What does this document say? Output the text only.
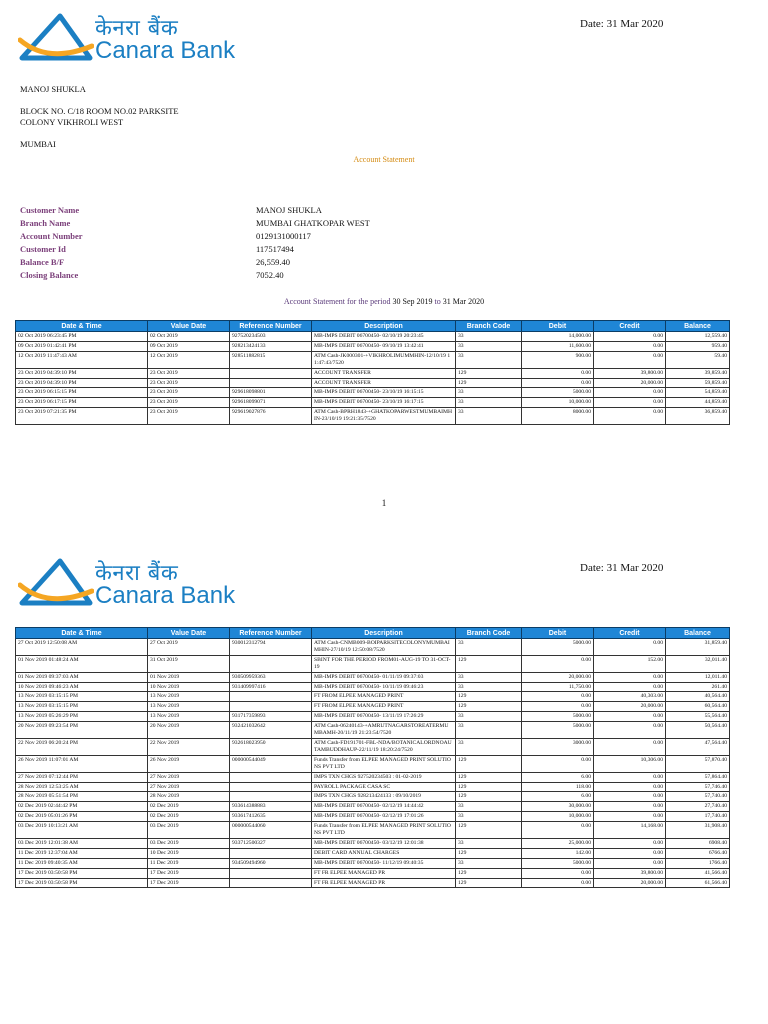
केनरा बैंक
Canara Bank
Date: 31 Mar 2020
MANOJ SHUKLA
BLOCK NO. C/18 ROOM NO.02 PARKSITE
COLONY VIKHROLI WEST
MUMBAI
Account Statement
Customer Name	MANOJ SHUKLA
Branch Name	MUMBAI GHATKOPAR WEST
Account Number	0129131000117
Customer Id	117517494
Balance B/F	26,559.40
Closing Balance	7052.40
Account Statement for the period 30 Sep 2019 to 31 Mar 2020
Date & Time	Value Date	Reference Number	Description	Branch Code	Debit	Credit	Balance
02 Oct 2019 06:23:45 PM	02 Oct 2019	927520234503	MB-IMPS DEBIT 06700450- 02/10/19 20:23:45	33	14,000.00	0.00	12,559.40
09 Oct 2019 01:42:41 PM	09 Oct 2019	928213424133	MB-IMPS DEBIT 06700450- 09/10/19 13:42:41	33	11,600.00	0.00	959.40
12 Oct 2019 11:47:43 AM	12 Oct 2019	928511882815	ATM Cash-JK000301-+VIKHROLIMUMMHIN-12/10/19 11:47:43/7520	33	900.00	0.00	59.40
23 Oct 2019 04:39:10 PM	23 Oct 2019		ACCOUNT TRANSFER	129	0.00	39,800.00	39,859.40
23 Oct 2019 04:39:10 PM	23 Oct 2019		ACCOUNT TRANSFER	129	0.00	20,000.00	59,859.40
23 Oct 2019 06:15:15 PM	23 Oct 2019	929618098801	MB-IMPS DEBIT 06700450- 23/10/19 16:15:15	33	5000.00	0.00	54,859.40
23 Oct 2019 06:17:15 PM	23 Oct 2019	929618099071	MB-IMPS DEBIT 06700450- 23/10/19 16:17:15	33	10,000.00	0.00	44,859.40
23 Oct 2019 07:21:35 PM	23 Oct 2019	929619027876	ATM Cash-BPRH1843-+GHATKOPARWESTMUMBAIMHIN-23/10/19 19:21:35/7520	33	8000.00	0.00	36,859.40
1
केनरा बैंक
Canara Bank
Date: 31 Mar 2020
Date & Time	Value Date	Reference Number	Description	Branch Code	Debit	Credit	Balance
27 Oct 2019 12:50:08 AM	27 Oct 2019	930012312794	ATM Cash-CNMB009-BOIPARKSITECOLONYMUMBAIMHIN-27/10/19 12:50:08/7520	33	5000.00	0.00	31,859.40
01 Nov 2019 01:48:24 AM	31 Oct 2019		SBINT FOR THE PERIOD FROM01-AUG-19 TO 31-OCT-19	129	0.00	152.00	32,011.40
01 Nov 2019 09:37:03 AM	01 Nov 2019	930509959363	MB-IMPS DEBIT 06700450- 01/11/19 09:37:03	33	20,000.00	0.00	12,011.40
10 Nov 2019 09:46:23 AM	10 Nov 2019	931409997416	MB-IMPS DEBIT 06700450- 10/11/19 09:46:23	33	11,750.00	0.00	261.40
13 Nov 2019 03:15:15 PM	13 Nov 2019		FT FROM ELPEE MANAGED PRINT	129	0.00	40,303.00	40,564.40
13 Nov 2019 03:15:15 PM	13 Nov 2019		FT FROM ELPEE MANAGED PRINT	129	0.00	20,000.00	60,564.40
13 Nov 2019 05:26:29 PM	13 Nov 2019	931717359893	MB-IMPS DEBIT 06700450- 13/11/19 17:26:29	33	5000.00	0.00	55,564.40
20 Nov 2019 09:23:54 PM	20 Nov 2019	932421032642	ATM Cash-06240143-+AMRUTNAGARSTOREATERMUMBAMH-20/11/19 21:23:54/7520	33	5000.00	0.00	50,564.40
22 Nov 2019 06:20:24 PM	22 Nov 2019	932618023950	ATM Cash-FD191701-FBL-NDA/BOTANICALORDNOAUTAMBUDDHAUP-22/11/19 18:20:24/7520	33	3000.00	0.00	47,564.40
26 Nov 2019 11:07:01 AM	26 Nov 2019	000000544049	Funds Transfer from ELPEE MANAGED PRINT SOLUTIONS PVT LTD	129	0.00	10,306.00	57,870.40
27 Nov 2019 07:12:44 PM	27 Nov 2019		IMPS TXN CHGS 927520234503 : 01-02-2019	129	6.00	0.00	57,864.40
28 Nov 2019 12:53:25 AM	27 Nov 2019		PAYROLL PACKAGE CASA SC	129	118.00	0.00	57,746.40
28 Nov 2019 05:51:54 PM	28 Nov 2019		IMPS TXN CHGS 928213424133 : 09/10/2019	129	6.00	0.00	57,740.40
02 Dec 2019 02:44:42 PM	02 Dec 2019	933614388883	MB-IMPS DEBIT 06700450- 02/12/19 14:44:42	33	30,000.00	0.00	27,740.40
02 Dec 2019 05:01:26 PM	02 Dec 2019	933617412635	MB-IMPS DEBIT 06700450- 02/12/19 17:01:26	33	10,000.00	0.00	17,740.40
03 Dec 2019 10:13:21 AM	03 Dec 2019	000000544060	Funds Transfer from ELPEE MANAGED PRINT SOLUTIONS PVT LTD	129	0.00	14,168.00	31,908.40
03 Dec 2019 12:01:38 AM	03 Dec 2019	933712500327	MB-IMPS DEBIT 06700450- 03/12/19 12:01:38	33	25,000.00	0.00	6908.40
11 Dec 2019 12:37:04 AM	10 Dec 2019		DEBIT CARD ANNUAL CHARGES	129	142.00	0.00	6766.40
11 Dec 2019 09:40:35 AM	11 Dec 2019	934509494960	MB-IMPS DEBIT 06700450- 11/12/19 09:40:35	33	5000.00	0.00	1766.40
17 Dec 2019 03:50:58 PM	17 Dec 2019		FT FR ELPEE MANAGED PR	129	0.00	39,800.00	41,566.40
17 Dec 2019 03:50:58 PM	17 Dec 2019		FT FR ELPEE MANAGED PR	129	0.00	20,000.00	61,566.40
